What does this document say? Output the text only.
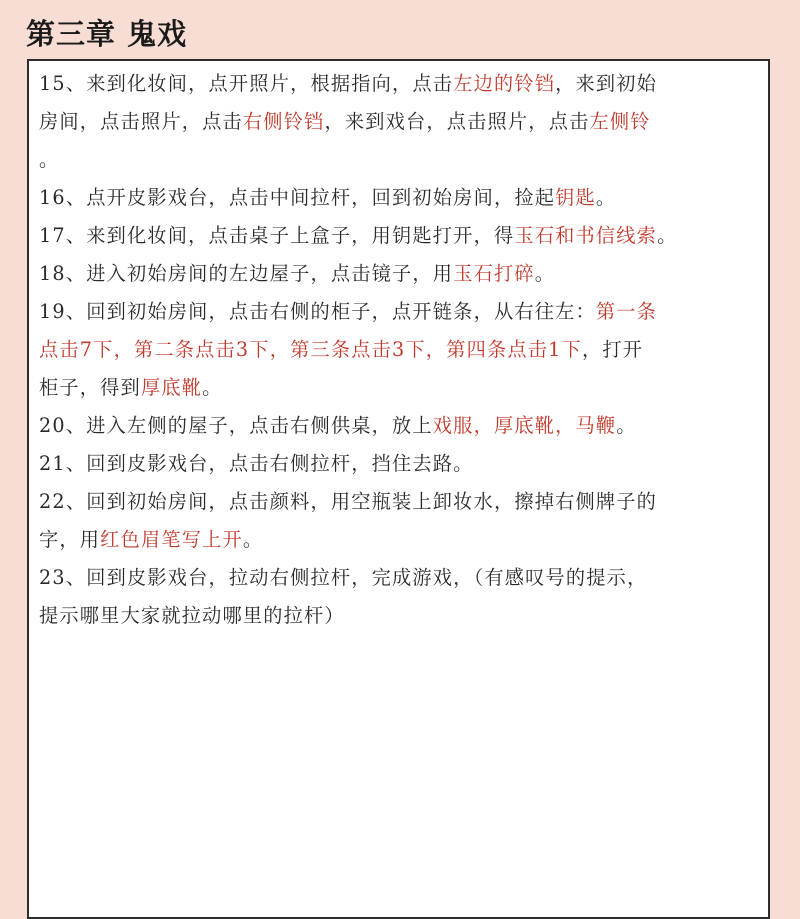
第三章 鬼戏

15、来到化妆间，点开照片，根据指向，点击左边的铃铛，来到初始

房间，点击照片，点击右侧铃铛，来到戏台，点击照片，点击左侧铃

。

16、点开皮影戏台，点击中间拉杆，回到初始房间，捡起钥匙。

17、来到化妆间，点击桌子上盒子，用钥匙打开，得玉石和书信线索。

18、进入初始房间的左边屋子，点击镜子，用玉石打碎。

19、回到初始房间，点击右侧的柜子，点开链条，从右往左：第一条

点击7下，第二条点击3下，第三条点击3下，第四条点击1下，打开

柜子，得到厚底靴。

20、进入左侧的屋子，点击右侧供桌，放上戏服，厚底靴，马鞭。

21、回到皮影戏台，点击右侧拉杆，挡住去路。

22、回到初始房间，点击颜料，用空瓶装上卸妆水，擦掉右侧牌子的

字，用红色眉笔写上开。

23、回到皮影戏台，拉动右侧拉杆，完成游戏，（有感叹号的提示，

提示哪里大家就拉动哪里的拉杆）
